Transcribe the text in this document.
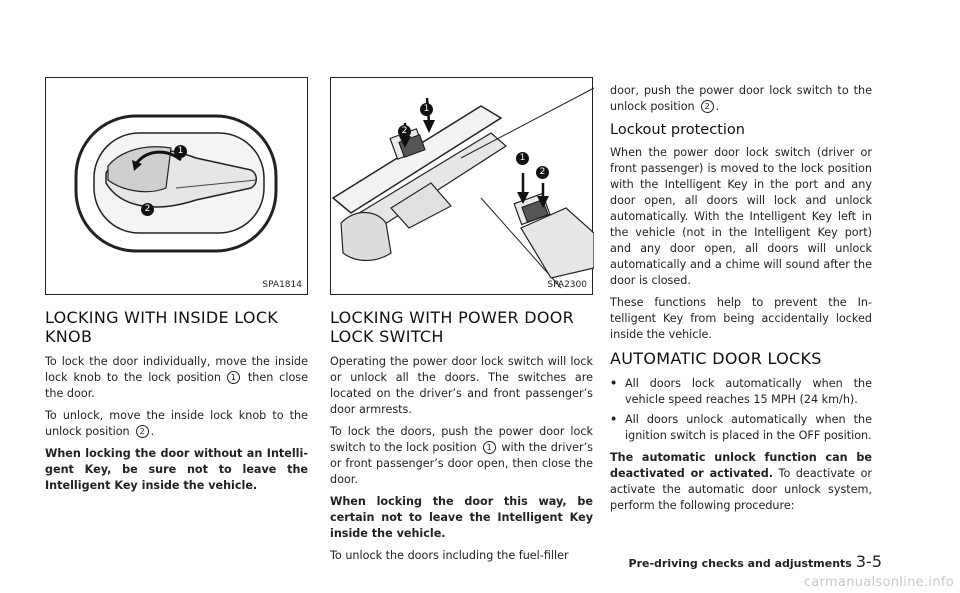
1
2
SPA1814
1
2
1
2
SPA2300
LOCKING WITH INSIDE LOCK KNOB

To lock the door individually, move the inside lock knob to the lock position 1 then close the door.

To unlock, move the inside lock knob to the unlock position 2 .

When locking the door without an Intelli-gent Key, be sure not to leave the Intelligent Key inside the vehicle.

LOCKING WITH POWER DOOR LOCK SWITCH

Operating the power door lock switch will lock or unlock all the doors. The switches are located on the driver’s and front passenger’s door armrests.

To lock the doors, push the power door lock switch to the lock position 1 with the driver’s or front passenger’s door open, then close the door.

When locking the door this way, be certain not to leave the Intelligent Key inside the vehicle.

To unlock the doors including the fuel-filler

door, push the power door lock switch to the unlock position 2 .

Lockout protection

When the power door lock switch (driver or front passenger) is moved to the lock position with the Intelligent Key in the port and any door open, all doors will lock and unlock automatically. With the Intelligent Key left in the vehicle (not in the Intelligent Key port) and any door open, all doors will unlock automatically and a chime will sound after the door is closed.

These functions help to prevent the In-telligent Key from being accidentally locked inside the vehicle.

AUTOMATIC DOOR LOCKS
• All doors lock automatically when the vehicle speed reaches 15 MPH (24 km/h).
• All doors unlock automatically when the ignition switch is placed in the OFF position.

The automatic unlock function can be deactivated or activated. To deactivate or activate the automatic door unlock system, perform the following procedure:

Pre-driving checks and adjustments 3-5
carmanualsonline.info
